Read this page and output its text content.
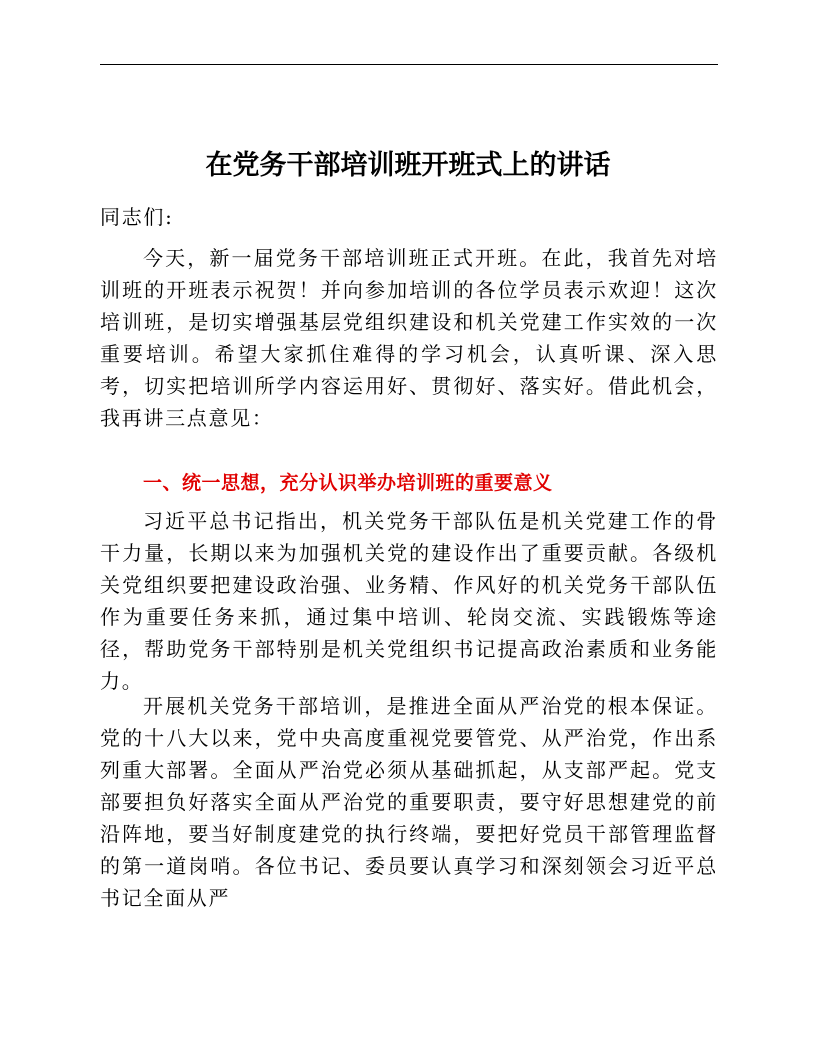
在党务干部培训班开班式上的讲话

同志们:

今天，新一届党务干部培训班正式开班。在此，我首先对培训班的开班表示祝贺！并向参加培训的各位学员表示欢迎！这次培训班，是切实增强基层党组织建设和机关党建工作实效的一次重要培训。希望大家抓住难得的学习机会，认真听课、深入思考，切实把培训所学内容运用好、贯彻好、落实好。借此机会，我再讲三点意见：

一、统一思想，充分认识举办培训班的重要意义

习近平总书记指出，机关党务干部队伍是机关党建工作的骨干力量，长期以来为加强机关党的建设作出了重要贡献。各级机关党组织要把建设政治强、业务精、作风好的机关党务干部队伍作为重要任务来抓，通过集中培训、轮岗交流、实践锻炼等途径，帮助党务干部特别是机关党组织书记提高政治素质和业务能力。

开展机关党务干部培训，是推进全面从严治党的根本保证。党的十八大以来，党中央高度重视党要管党、从严治党，作出系列重大部署。全面从严治党必须从基础抓起，从支部严起。党支部要担负好落实全面从严治党的重要职责，要守好思想建党的前沿阵地，要当好制度建党的执行终端，要把好党员干部管理监督的第一道岗哨。各位书记、委员要认真学习和深刻领会习近平总书记全面从严
